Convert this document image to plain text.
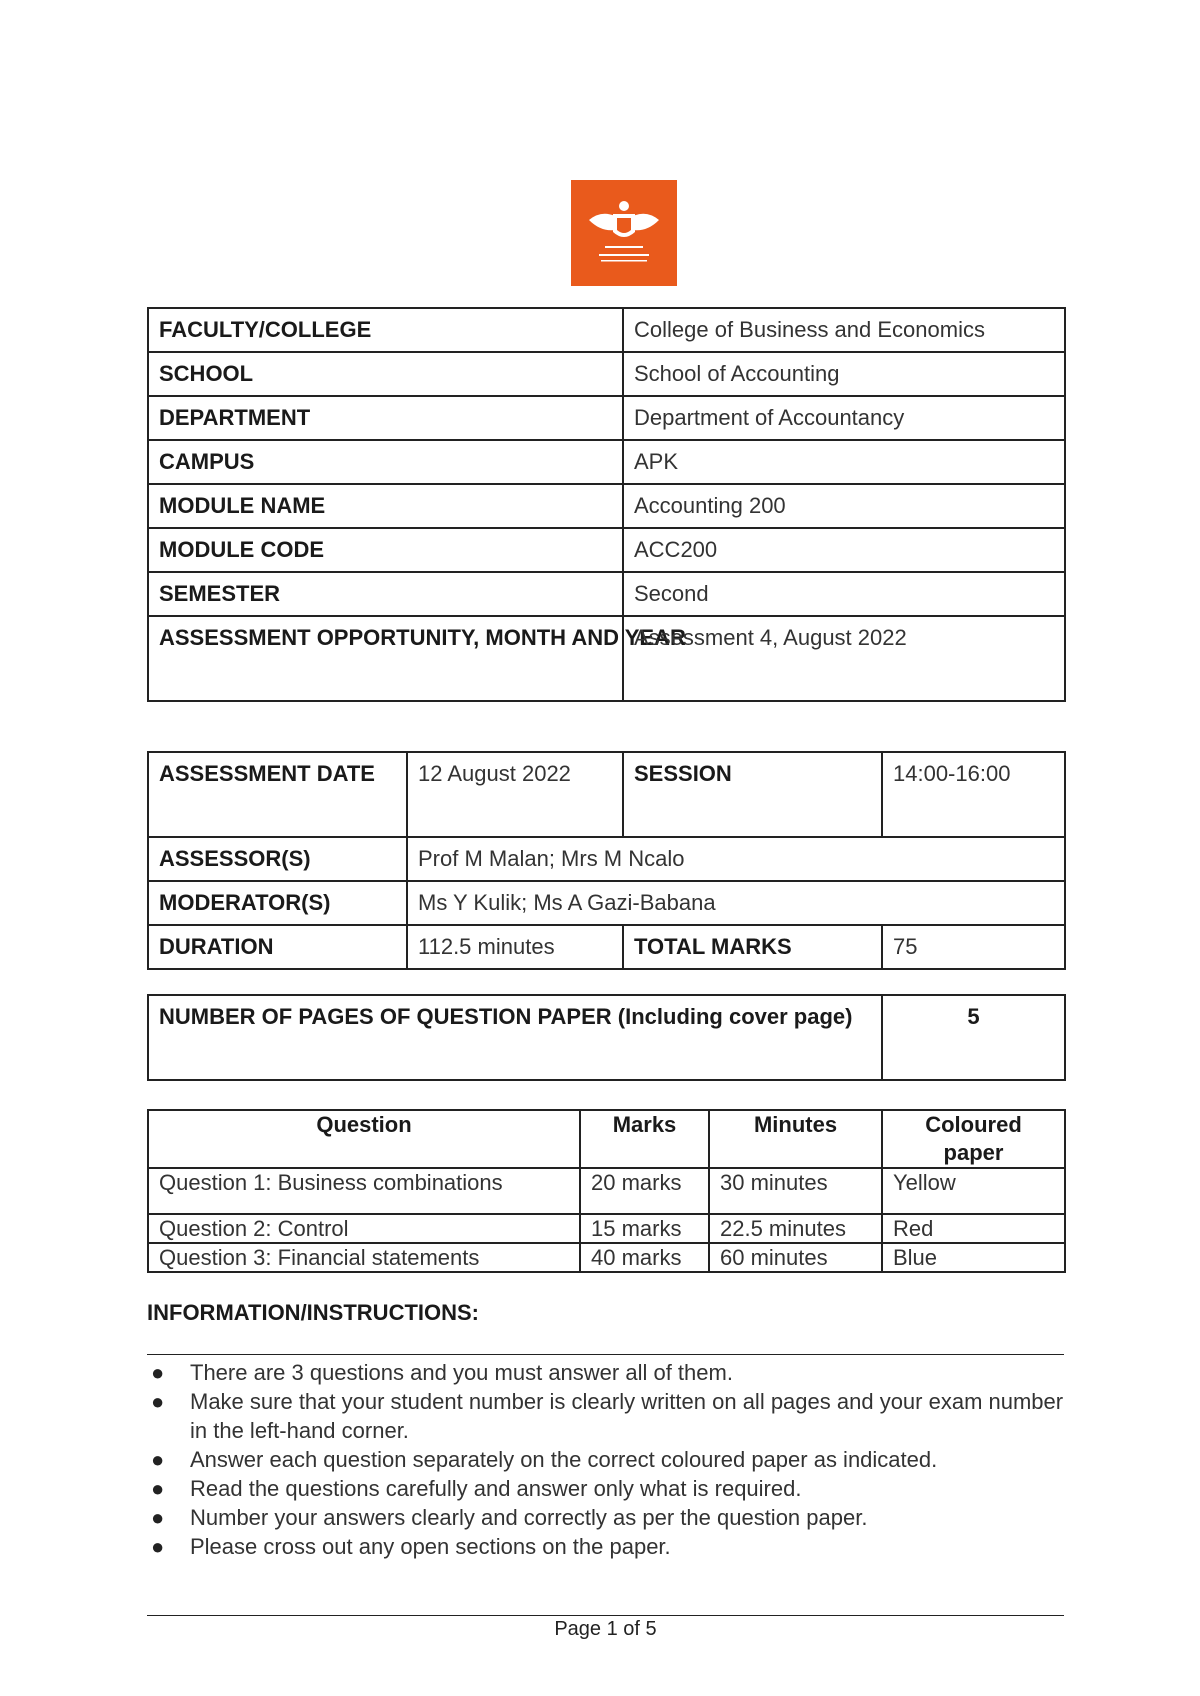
FACULTY/COLLEGE	College of Business and Economics
SCHOOL	School of Accounting
DEPARTMENT	Department of Accountancy
CAMPUS	APK
MODULE NAME	Accounting 200
MODULE CODE	ACC200
SEMESTER	Second
ASSESSMENT OPPORTUNITY, MONTH AND YEAR	Assessment 4, August 2022
ASSESSMENT DATE	12 August 2022	SESSION	14:00-16:00
ASSESSOR(S)	Prof M Malan; Mrs M Ncalo		
MODERATOR(S)	Ms Y Kulik; Ms A Gazi-Babana		
DURATION	112.5 minutes	TOTAL MARKS	75
NUMBER OF PAGES OF QUESTION PAPER (Including cover page)	5
Question	Marks	Minutes	Coloured paper
Question 1: Business combinations	20 marks	30 minutes	Yellow
Question 2: Control	15 marks	22.5 minutes	Red
Question 3: Financial statements	40 marks	60 minutes	Blue
INFORMATION/INSTRUCTIONS:
● There are 3 questions and you must answer all of them.
● Make sure that your student number is clearly written on all pages and your exam number in the left-hand corner.
● Answer each question separately on the correct coloured paper as indicated.
● Read the questions carefully and answer only what is required.
● Number your answers clearly and correctly as per the question paper.
● Please cross out any open sections on the paper.
Page 1 of 5
